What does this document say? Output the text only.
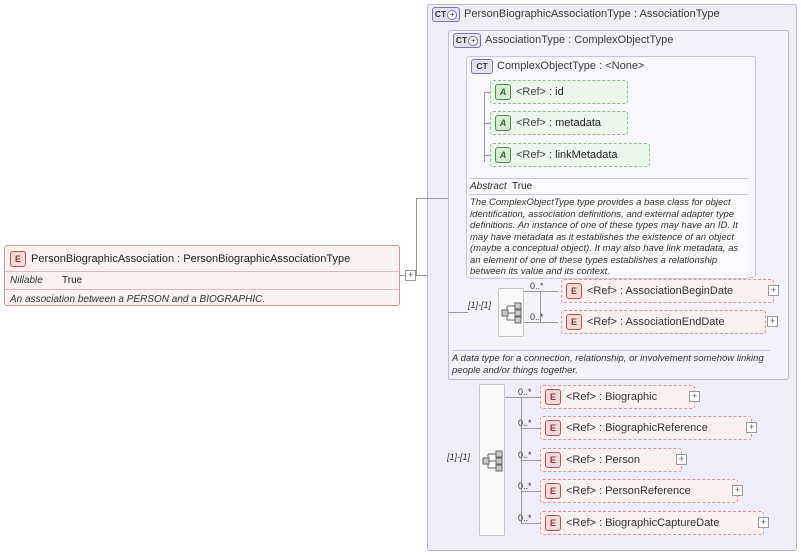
CT + PersonBiographicAssociationType : AssociationType
CT + AssociationType : ComplexObjectType
CT ComplexObjectType : <None>
A <Ref> : id
A <Ref> : metadata
A <Ref> : linkMetadata
Abstract True
The ComplexObjectType type provides a base class for object identification, association definitions, and external adapter type definitions. An instance of one of these types may have an ID. It may have metadata as it establishes the existence of an object (maybe a conceptual object). It may also have link metadata, as an element of one of these types establishes a relationship between its value and its context.
[1]-[1]
0..*	E <Ref> : AssociationBeginDate	+
0..*	E <Ref> : AssociationEndDate	+
A data type for a connection, relationship, or involvement somehow linking people and/or things together.
[1]-[1]
0..*	E <Ref> : Biographic	+
0..*	E <Ref> : BiographicReference	+
0..*	E <Ref> : Person	+
0..*	E <Ref> : PersonReference	+
0..*	E <Ref> : BiographicCaptureDate	+
E PersonBiographicAssociation : PersonBiographicAssociationType
Nillable	True
An association between a PERSON and a BIOGRAPHIC.
+
